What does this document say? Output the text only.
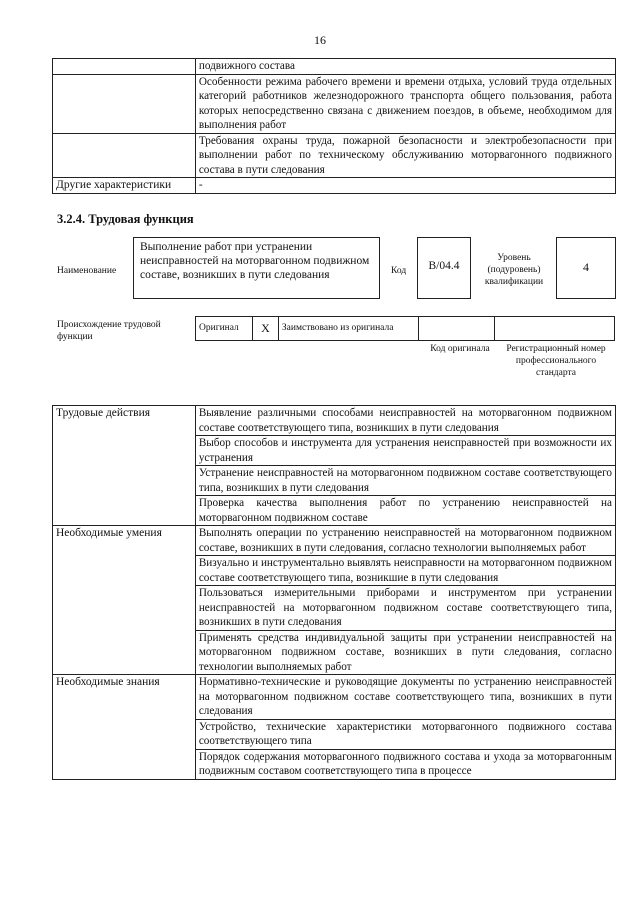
16
	подвижного состава
	Особенности режима рабочего времени и времени отдыха, условий труда отдельных категорий работников железнодорожного транспорта общего пользования, работа которых непосредственно связана с движением поездов, в объеме, необходимом для выполнения работ
	Требования охраны труда, пожарной безопасности и электробезопасности при выполнении работ по техническому обслуживанию моторвагонного подвижного состава в пути следования
Другие характеристики	-
3.2.4. Трудовая функция
Наименование
Выполнение работ при устранении неисправностей на моторвагонном подвижном составе, возникших в пути следования	Код	B/04.4
Уровень (подуровень) квалификации
4
Происхождение трудовой функции
Оригинал	X	Заимствовано из оригинала		
Код оригинала	Регистрационный номер профессионального стандарта
Трудовые действия	Выявление различными способами неисправностей на моторвагонном подвижном составе соответствующего типа, возникших в пути следования
	Выбор способов и инструмента для устранения неисправностей при возможности их устранения
	Устранение неисправностей на моторвагонном подвижном составе соответствующего типа, возникших в пути следования
	Проверка качества выполнения работ по устранению неисправностей на моторвагонном подвижном составе
Необходимые умения	Выполнять операции по устранению неисправностей на моторвагонном подвижном составе, возникших в пути следования, согласно технологии выполняемых работ
	Визуально и инструментально выявлять неисправности на моторвагонном подвижном составе соответствующего типа, возникшие в пути следования
	Пользоваться измерительными приборами и инструментом при устранении неисправностей на моторвагонном подвижном составе соответствующего типа, возникших в пути следования
	Применять средства индивидуальной защиты при устранении неисправностей на моторвагонном подвижном составе, возникших в пути следования, согласно технологии выполняемых работ
Необходимые знания	Нормативно-технические и руководящие документы по устранению неисправностей на моторвагонном подвижном составе соответствующего типа, возникших в пути следования
	Устройство, технические характеристики моторвагонного подвижного состава соответствующего типа
	Порядок содержания моторвагонного подвижного состава и ухода за моторвагонным подвижным составом соответствующего типа в процессе
